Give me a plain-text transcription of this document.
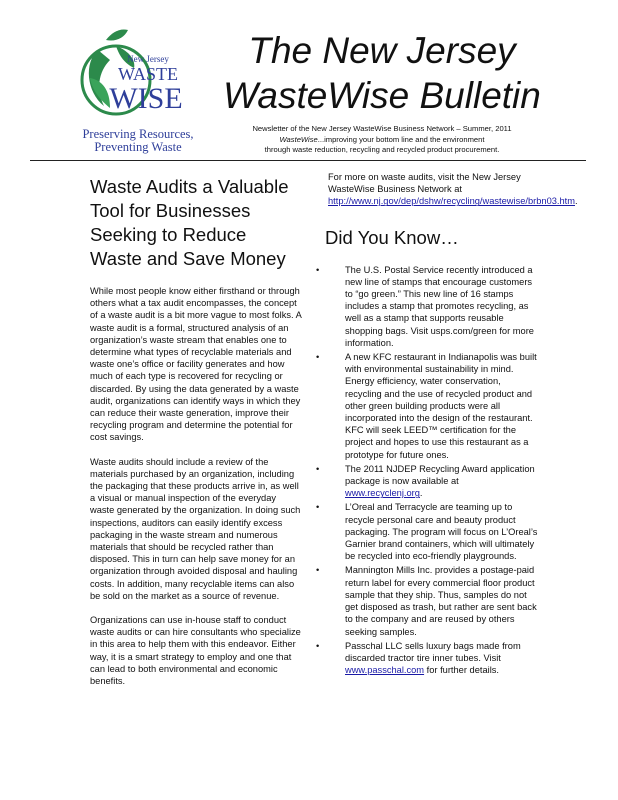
New Jersey
WASTE
WISE
Preserving Resources,
Preventing Waste
The New Jersey
WasteWise Bulletin
Newsletter of the New Jersey WasteWise Business Network – Summer, 2011
WasteWise...improving your bottom line and the environment
through waste reduction, recycling and recycled product procurement.
Waste Audits a Valuable Tool for Businesses Seeking to Reduce Waste and Save Money

While most people know either firsthand or through others what a tax audit encompasses, the concept of a waste audit is a bit more vague to most folks. A waste audit is a formal, structured analysis of an organization’s waste stream that enables one to determine what types of recyclable materials and waste one’s office or facility generates and how much of each type is recovered for recycling or discarded. By using the data generated by a waste audit, organizations can identify ways in which they can reduce their waste generation, improve their recycling program and determine the potential for cost savings.

Waste audits should include a review of the materials purchased by an organization, including the packaging that these products arrive in, as well a visual or manual inspection of the everyday waste generated by the organization. In doing such inspections, auditors can easily identify excess packaging in the waste stream and numerous materials that should be recycled rather than disposed. This in turn can help save money for an organization through avoided disposal and hauling costs. In addition, many recyclable items can also be sold on the market as a source of revenue.

Organizations can use in-house staff to conduct waste audits or can hire consultants who specialize in this area to help them with this endeavor. Either way, it is a smart strategy to employ and one that can lead to both environmental and economic benefits.

For more on waste audits, visit the New Jersey WasteWise Business Network at http://www.nj.gov/dep/dshw/recycling/wastewise/brbn03.htm.

Did You Know…
•	The U.S. Postal Service recently introduced a new line of stamps that encourage customers to “go green.” This new line of 16 stamps includes a stamp that promotes recycling, as well as a stamp that supports reusable shopping bags. Visit usps.com/green for more information.
•	A new KFC restaurant in Indianapolis was built with environmental sustainability in mind. Energy efficiency, water conservation, recycling and the use of recycled product and other green building products were all incorporated into the design of the restaurant. KFC will seek LEED™ certification for the project and hopes to use this restaurant as a prototype for future ones.
•	The 2011 NJDEP Recycling Award application package is now available at www.recyclenj.org.
•	L’Oreal and Terracycle are teaming up to recycle personal care and beauty product packaging. The program will focus on L’Oreal’s Garnier brand containers, which will ultimately be recycled into eco-friendly playgrounds.
•	Mannington Mills Inc. provides a postage-paid return label for every commercial floor product sample that they ship. Thus, samples do not get disposed as trash, but rather are sent back to the company and are reused by others seeking samples.
•	Passchal LLC sells luxury bags made from discarded tractor tire inner tubes. Visit www.passchal.com for further details.
